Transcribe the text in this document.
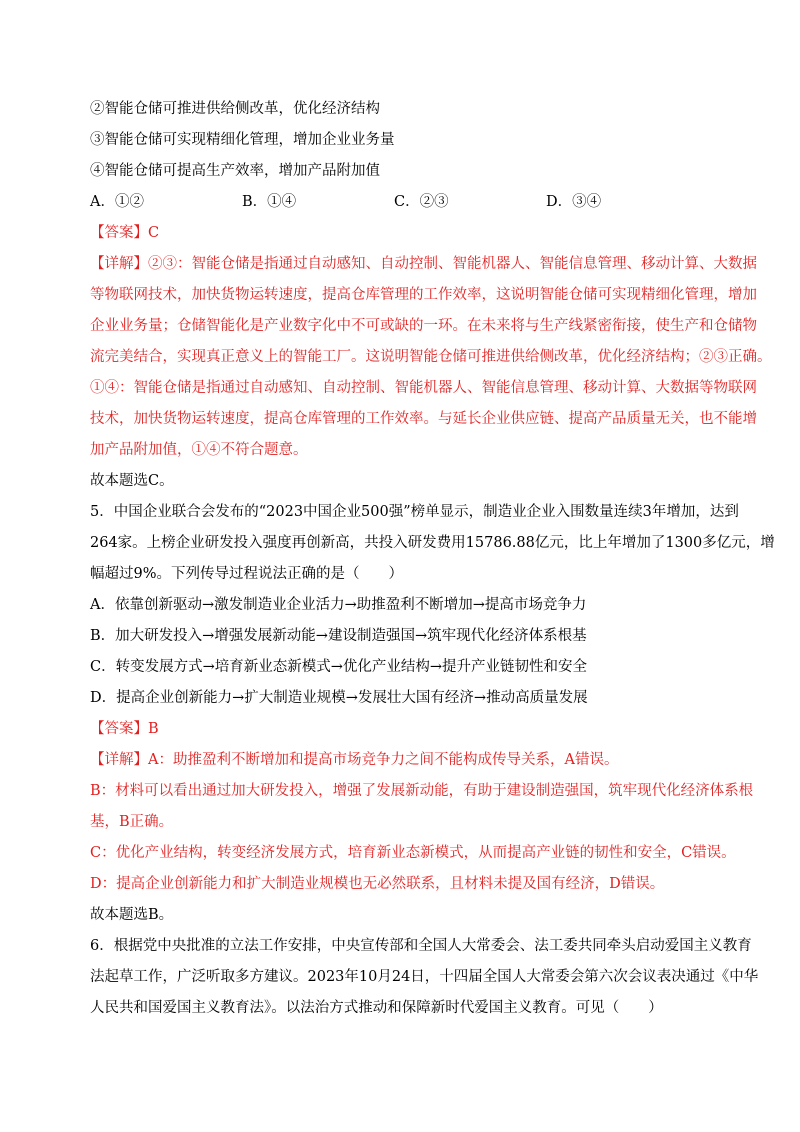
②智能仓储可推进供给侧改革，优化经济结构
③智能仓储可实现精细化管理，增加企业业务量
④智能仓储可提高生产效率，增加产品附加值
A．①②	B．①④	C．②③	D．③④
【答案】C
【详解】②③：智能仓储是指通过自动感知、自动控制、智能机器人、智能信息管理、移动计算、大数据
等物联网技术，加快货物运转速度，提高仓库管理的工作效率，这说明智能仓储可实现精细化管理，增加
企业业务量；仓储智能化是产业数字化中不可或缺的一环。在未来将与生产线紧密衔接，使生产和仓储物
流完美结合，实现真正意义上的智能工厂。这说明智能仓储可推进供给侧改革，优化经济结构；②③正确。
①④：智能仓储是指通过自动感知、自动控制、智能机器人、智能信息管理、移动计算、大数据等物联网
技术，加快货物运转速度，提高仓库管理的工作效率。与延长企业供应链、提高产品质量无关，也不能增
加产品附加值，①④不符合题意。
故本题选C。
5．中国企业联合会发布的“2023中国企业500强”榜单显示，制造业企业入围数量连续3年增加，达到
264家。上榜企业研发投入强度再创新高，共投入研发费用15786.88亿元，比上年增加了1300多亿元，增
幅超过9%。下列传导过程说法正确的是（　　）
A．依靠创新驱动→激发制造业企业活力→助推盈利不断增加→提高市场竞争力
B．加大研发投入→增强发展新动能→建设制造强国→筑牢现代化经济体系根基
C．转变发展方式→培育新业态新模式→优化产业结构→提升产业链韧性和安全
D．提高企业创新能力→扩大制造业规模→发展壮大国有经济→推动高质量发展
【答案】B
【详解】A：助推盈利不断增加和提高市场竞争力之间不能构成传导关系，A错误。
B：材料可以看出通过加大研发投入，增强了发展新动能，有助于建设制造强国，筑牢现代化经济体系根
基，B正确。
C：优化产业结构，转变经济发展方式，培育新业态新模式，从而提高产业链的韧性和安全，C错误。
D：提高企业创新能力和扩大制造业规模也无必然联系，且材料未提及国有经济，D错误。
故本题选B。
6．根据党中央批准的立法工作安排，中央宣传部和全国人大常委会、法工委共同牵头启动爱国主义教育
法起草工作，广泛听取多方建议。2023年10月24日，十四届全国人大常委会第六次会议表决通过《中华
人民共和国爱国主义教育法》。以法治方式推动和保障新时代爱国主义教育。可见（　　）
